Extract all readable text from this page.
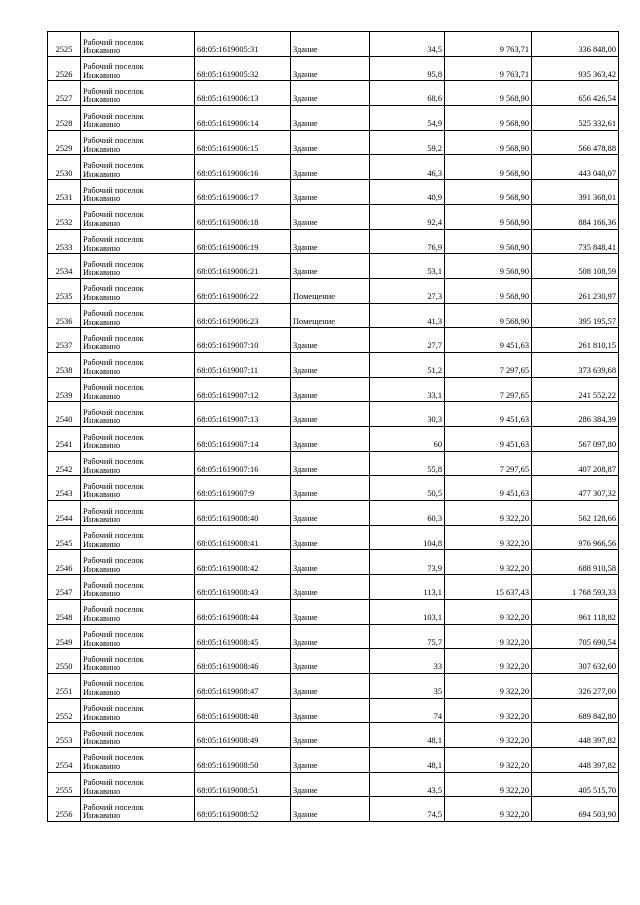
2525	Рабочий поселок
Инжавино	68:05:1619005:31	Здание	34,5	9 763,71	336 848,00
2526	Рабочий поселок
Инжавино	68:05:1619005:32	Здание	95,8	9 763,71	935 363,42
2527	Рабочий поселок
Инжавино	68:05:1619006:13	Здание	68,6	9 568,90	656 426,54
2528	Рабочий поселок
Инжавино	68:05:1619006:14	Здание	54,9	9 568,90	525 332,61
2529	Рабочий поселок
Инжавино	68:05:1619006:15	Здание	59,2	9 568,90	566 478,88
2530	Рабочий поселок
Инжавино	68:05:1619006:16	Здание	46,3	9 568,90	443 040,07
2531	Рабочий поселок
Инжавино	68:05:1619006:17	Здание	40,9	9 568,90	391 368,01
2532	Рабочий поселок
Инжавино	68:05:1619006:18	Здание	92,4	9 568,90	884 166,36
2533	Рабочий поселок
Инжавино	68:05:1619006:19	Здание	76,9	9 568,90	735 848,41
2534	Рабочий поселок
Инжавино	68:05:1619006:21	Здание	53,1	9 568,90	508 108,59
2535	Рабочий поселок
Инжавино	68:05:1619006:22	Помещение	27,3	9 568,90	261 230,97
2536	Рабочий поселок
Инжавино	68:05:1619006:23	Помещение	41,3	9 568,90	395 195,57
2537	Рабочий поселок
Инжавино	68:05:1619007:10	Здание	27,7	9 451,63	261 810,15
2538	Рабочий поселок
Инжавино	68:05:1619007:11	Здание	51,2	7 297,65	373 639,68
2539	Рабочий поселок
Инжавино	68:05:1619007:12	Здание	33,1	7 297,65	241 552,22
2540	Рабочий поселок
Инжавино	68:05:1619007:13	Здание	30,3	9 451,63	286 384,39
2541	Рабочий поселок
Инжавино	68:05:1619007:14	Здание	60	9 451,63	567 097,80
2542	Рабочий поселок
Инжавино	68:05:1619007:16	Здание	55,8	7 297,65	407 208,87
2543	Рабочий поселок
Инжавино	68:05:1619007:9	Здание	50,5	9 451,63	477 307,32
2544	Рабочий поселок
Инжавино	68:05:1619008:40	Здание	60,3	9 322,20	562 128,66
2545	Рабочий поселок
Инжавино	68:05:1619008:41	Здание	104,8	9 322,20	976 966,56
2546	Рабочий поселок
Инжавино	68:05:1619008:42	Здание	73,9	9 322,20	688 910,58
2547	Рабочий поселок
Инжавино	68:05:1619008:43	Здание	113,1	15 637,43	1 768 593,33
2548	Рабочий поселок
Инжавино	68:05:1619008:44	Здание	103,1	9 322,20	961 118,82
2549	Рабочий поселок
Инжавино	68:05:1619008:45	Здание	75,7	9 322,20	705 690,54
2550	Рабочий поселок
Инжавино	68:05:1619008:46	Здание	33	9 322,20	307 632,60
2551	Рабочий поселок
Инжавино	68:05:1619008:47	Здание	35	9 322,20	326 277,00
2552	Рабочий поселок
Инжавино	68:05:1619008:48	Здание	74	9 322,20	689 842,80
2553	Рабочий поселок
Инжавино	68:05:1619008:49	Здание	48,1	9 322,20	448 397,82
2554	Рабочий поселок
Инжавино	68:05:1619008:50	Здание	48,1	9 322,20	448 397,82
2555	Рабочий поселок
Инжавино	68:05:1619008:51	Здание	43,5	9 322,20	405 515,70
2556	Рабочий поселок
Инжавино	68:05:1619008:52	Здание	74,5	9 322,20	694 503,90
